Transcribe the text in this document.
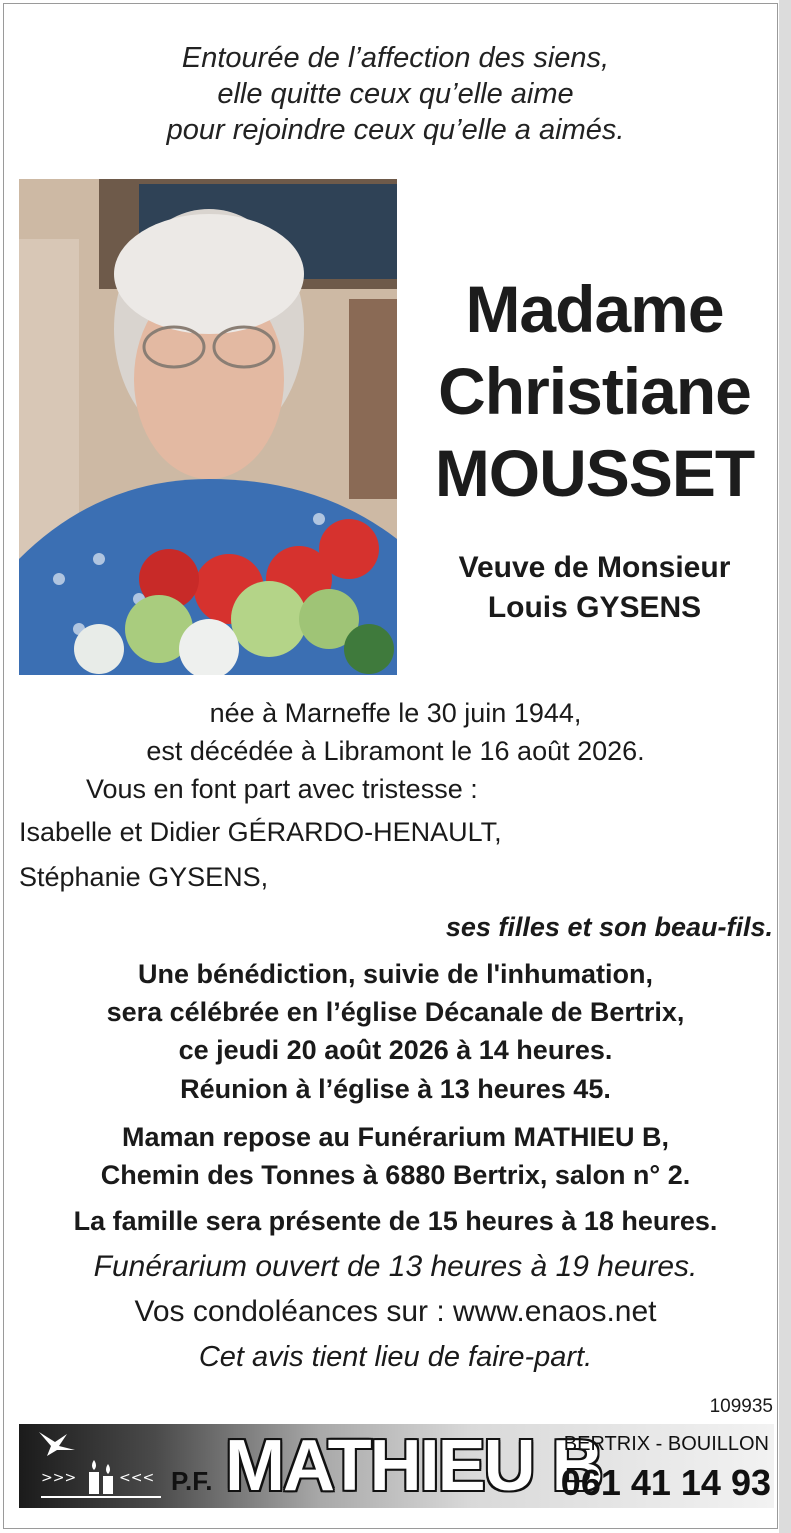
Entourée de l’affection des siens,
elle quitte ceux qu’elle aime
pour rejoindre ceux qu’elle a aimés.
Madame
Christiane
MOUSSET
Veuve de Monsieur
Louis GYSENS
née à Marneffe le 30 juin 1944,
est décédée à Libramont le 16 août 2026.
Vous en font part avec tristesse :
Isabelle et Didier GÉRARDO-HENAULT,
Stéphanie GYSENS,
ses filles et son beau-fils.
Une bénédiction, suivie de l'inhumation,
sera célébrée en l’église Décanale de Bertrix,
ce jeudi 20 août 2026 à 14 heures.
Réunion à l’église à 13 heures 45.
Maman repose au Funérarium MATHIEU B,
Chemin des Tonnes à 6880 Bertrix, salon n° 2.
La famille sera présente de 15 heures à 18 heures.
Funérarium ouvert de 13 heures à 19 heures.
Vos condoléances sur : www.enaos.net
Cet avis tient lieu de faire-part.
109935
>>>	<<< P.F. MATHIEU B
BERTRIX - BOUILLON
061 41 14 93
